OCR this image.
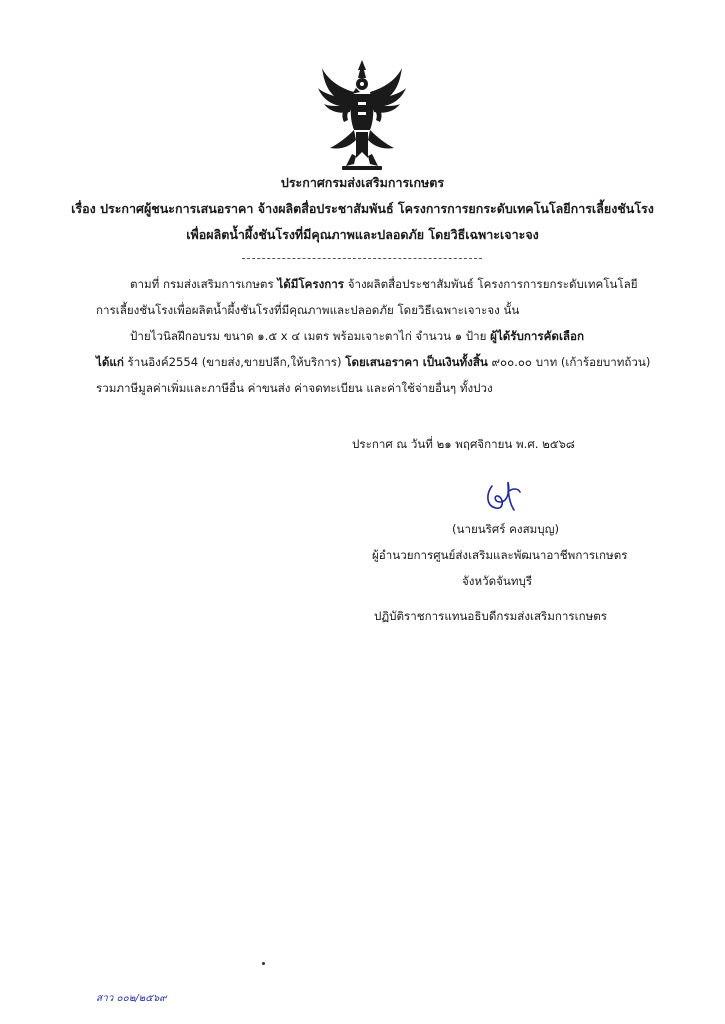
ประกาศกรมส่งเสริมการเกษตร
เรื่อง ประกาศผู้ชนะการเสนอราคา จ้างผลิตสื่อประชาสัมพันธ์ โครงการการยกระดับเทคโนโลยีการเลี้ยงชันโรง
เพื่อผลิตน้ำผึ้งชันโรงที่มีคุณภาพและปลอดภัย โดยวิธีเฉพาะเจาะจง
ตามที่ กรมส่งเสริมการเกษตร ได้มีโครงการ จ้างผลิตสื่อประชาสัมพันธ์ โครงการการยกระดับเทคโนโลยี
การเลี้ยงชันโรงเพื่อผลิตน้ำผึ้งชันโรงที่มีคุณภาพและปลอดภัย โดยวิธีเฉพาะเจาะจง นั้น
ป้ายไวนิลฝึกอบรม ขนาด ๑.๕ x ๔ เมตร พร้อมเจาะตาไก่ จำนวน ๑ ป้าย ผู้ได้รับการคัดเลือก
ได้แก่ ร้านอิงค์2554 (ขายส่ง,ขายปลีก,ให้บริการ) โดยเสนอราคา เป็นเงินทั้งสิ้น ๙๐๐.๐๐ บาท (เก้าร้อยบาทถ้วน)
รวมภาษีมูลค่าเพิ่มและภาษีอื่น ค่าขนส่ง ค่าจดทะเบียน และค่าใช้จ่ายอื่นๆ ทั้งปวง
ประกาศ ณ วันที่ ๒๑ พฤศจิกายน พ.ศ. ๒๕๖๘
(นายนริศร์ คงสมบุญ)
ผู้อำนวยการศูนย์ส่งเสริมและพัฒนาอาชีพการเกษตร
จังหวัดจันทบุรี
ปฏิบัติราชการแทนอธิบดีกรมส่งเสริมการเกษตร
สาว ๐๐๒/๒๕๖๙
